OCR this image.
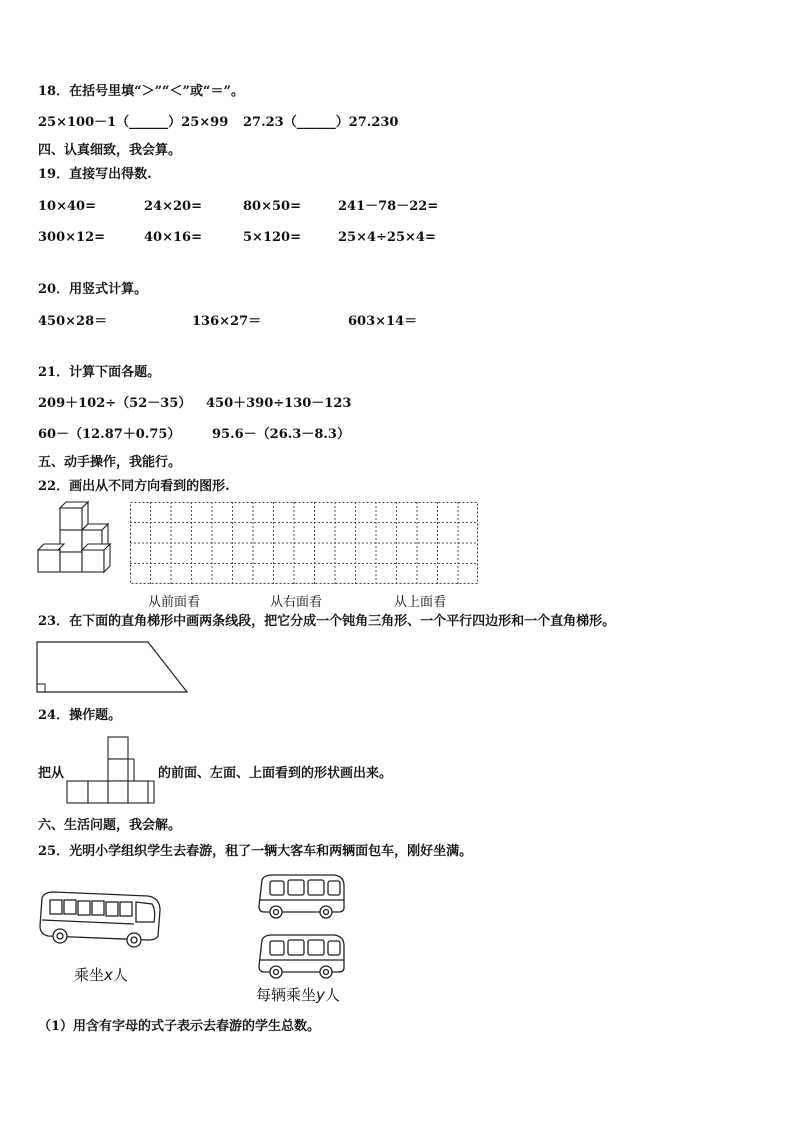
18．在括号里填“＞”“＜”或“＝”。
25×100－1（______）25×99 27.23（______）27.230
四、认真细致，我会算。
19．直接写出得数.
10×40=	24×20=	80×50=	241－78－22=
300×12=	40×16=	5×120=	25×4÷25×4=
20．用竖式计算。
450×28＝	136×27＝	603×14＝
21．计算下面各题。
209＋102÷（52－35） 450＋390÷130－123
60－（12.87＋0.75） 95.6－（26.3－8.3）
五、动手操作，我能行。
22．画出从不同方向看到的图形.
从前面看	从右面看	从上面看
23．在下面的直角梯形中画两条线段，把它分成一个钝角三角形、一个平行四边形和一个直角梯形。
24．操作题。
把从	的前面、左面、上面看到的形状画出来。
六、生活问题，我会解。
25．光明小学组织学生去春游，租了一辆大客车和两辆面包车，刚好坐满。
乘坐x人
每辆乘坐y人
（1）用含有字母的式子表示去春游的学生总数。
